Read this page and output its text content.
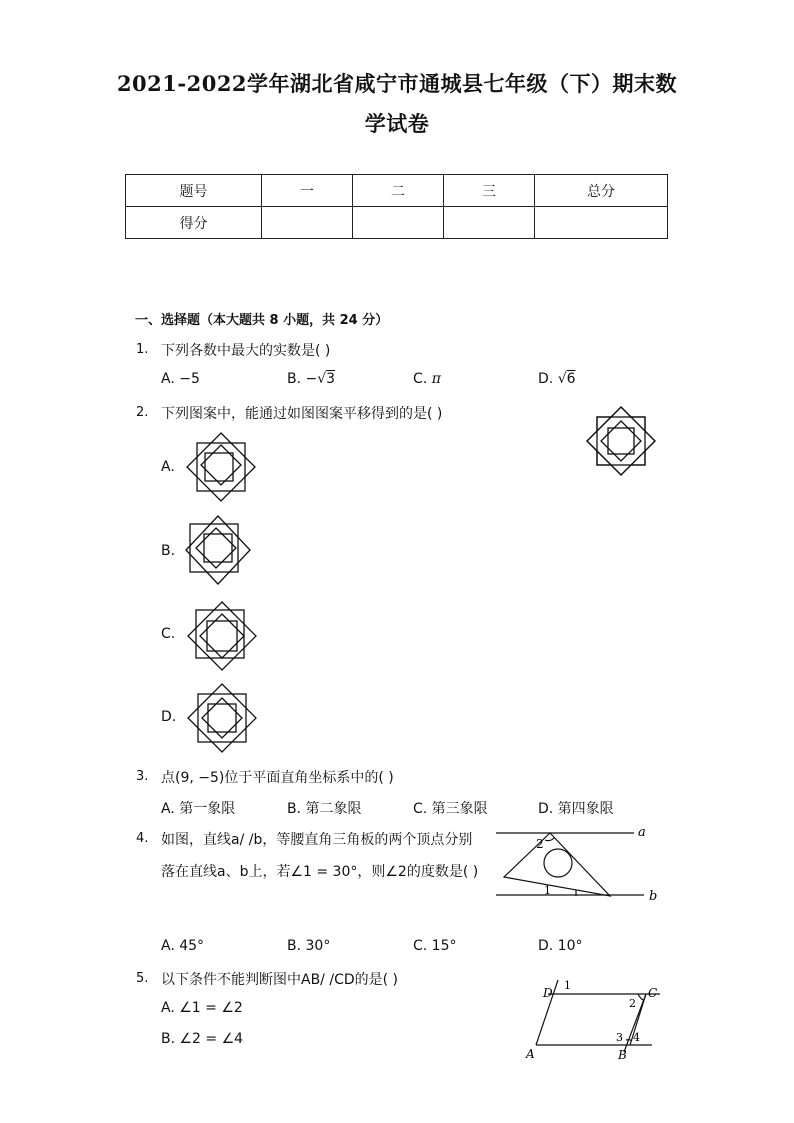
2021-2022学年湖北省咸宁市通城县七年级（下）期末数
学试卷
题号	一	二	三	总分
得分				
一、选择题（本大题共 8 小题，共 24 分）
1. 下列各数中最大的实数是( )
A. −5	B. −√3	C. π	D. √6
2. 下列图案中，能通过如图图案平移得到的是( )
A.
B.
C.
D.
3. 点(9, −5)位于平面直角坐标系中的( )
A. 第一象限	B. 第二象限	C. 第三象限	D. 第四象限
4. 如图，直线a/ /b，等腰直角三角板的两个顶点分别
落在直线a、b上，若∠1 = 30°，则∠2的度数是( )
a
b
2
1
A. 45°	B. 30°	C. 15°	D. 10°
5. 以下条件不能判断图中AB/ /CD的是( )
A. ∠1 = ∠2
B. ∠2 = ∠4
D	C
A	B
1
2
3 4
